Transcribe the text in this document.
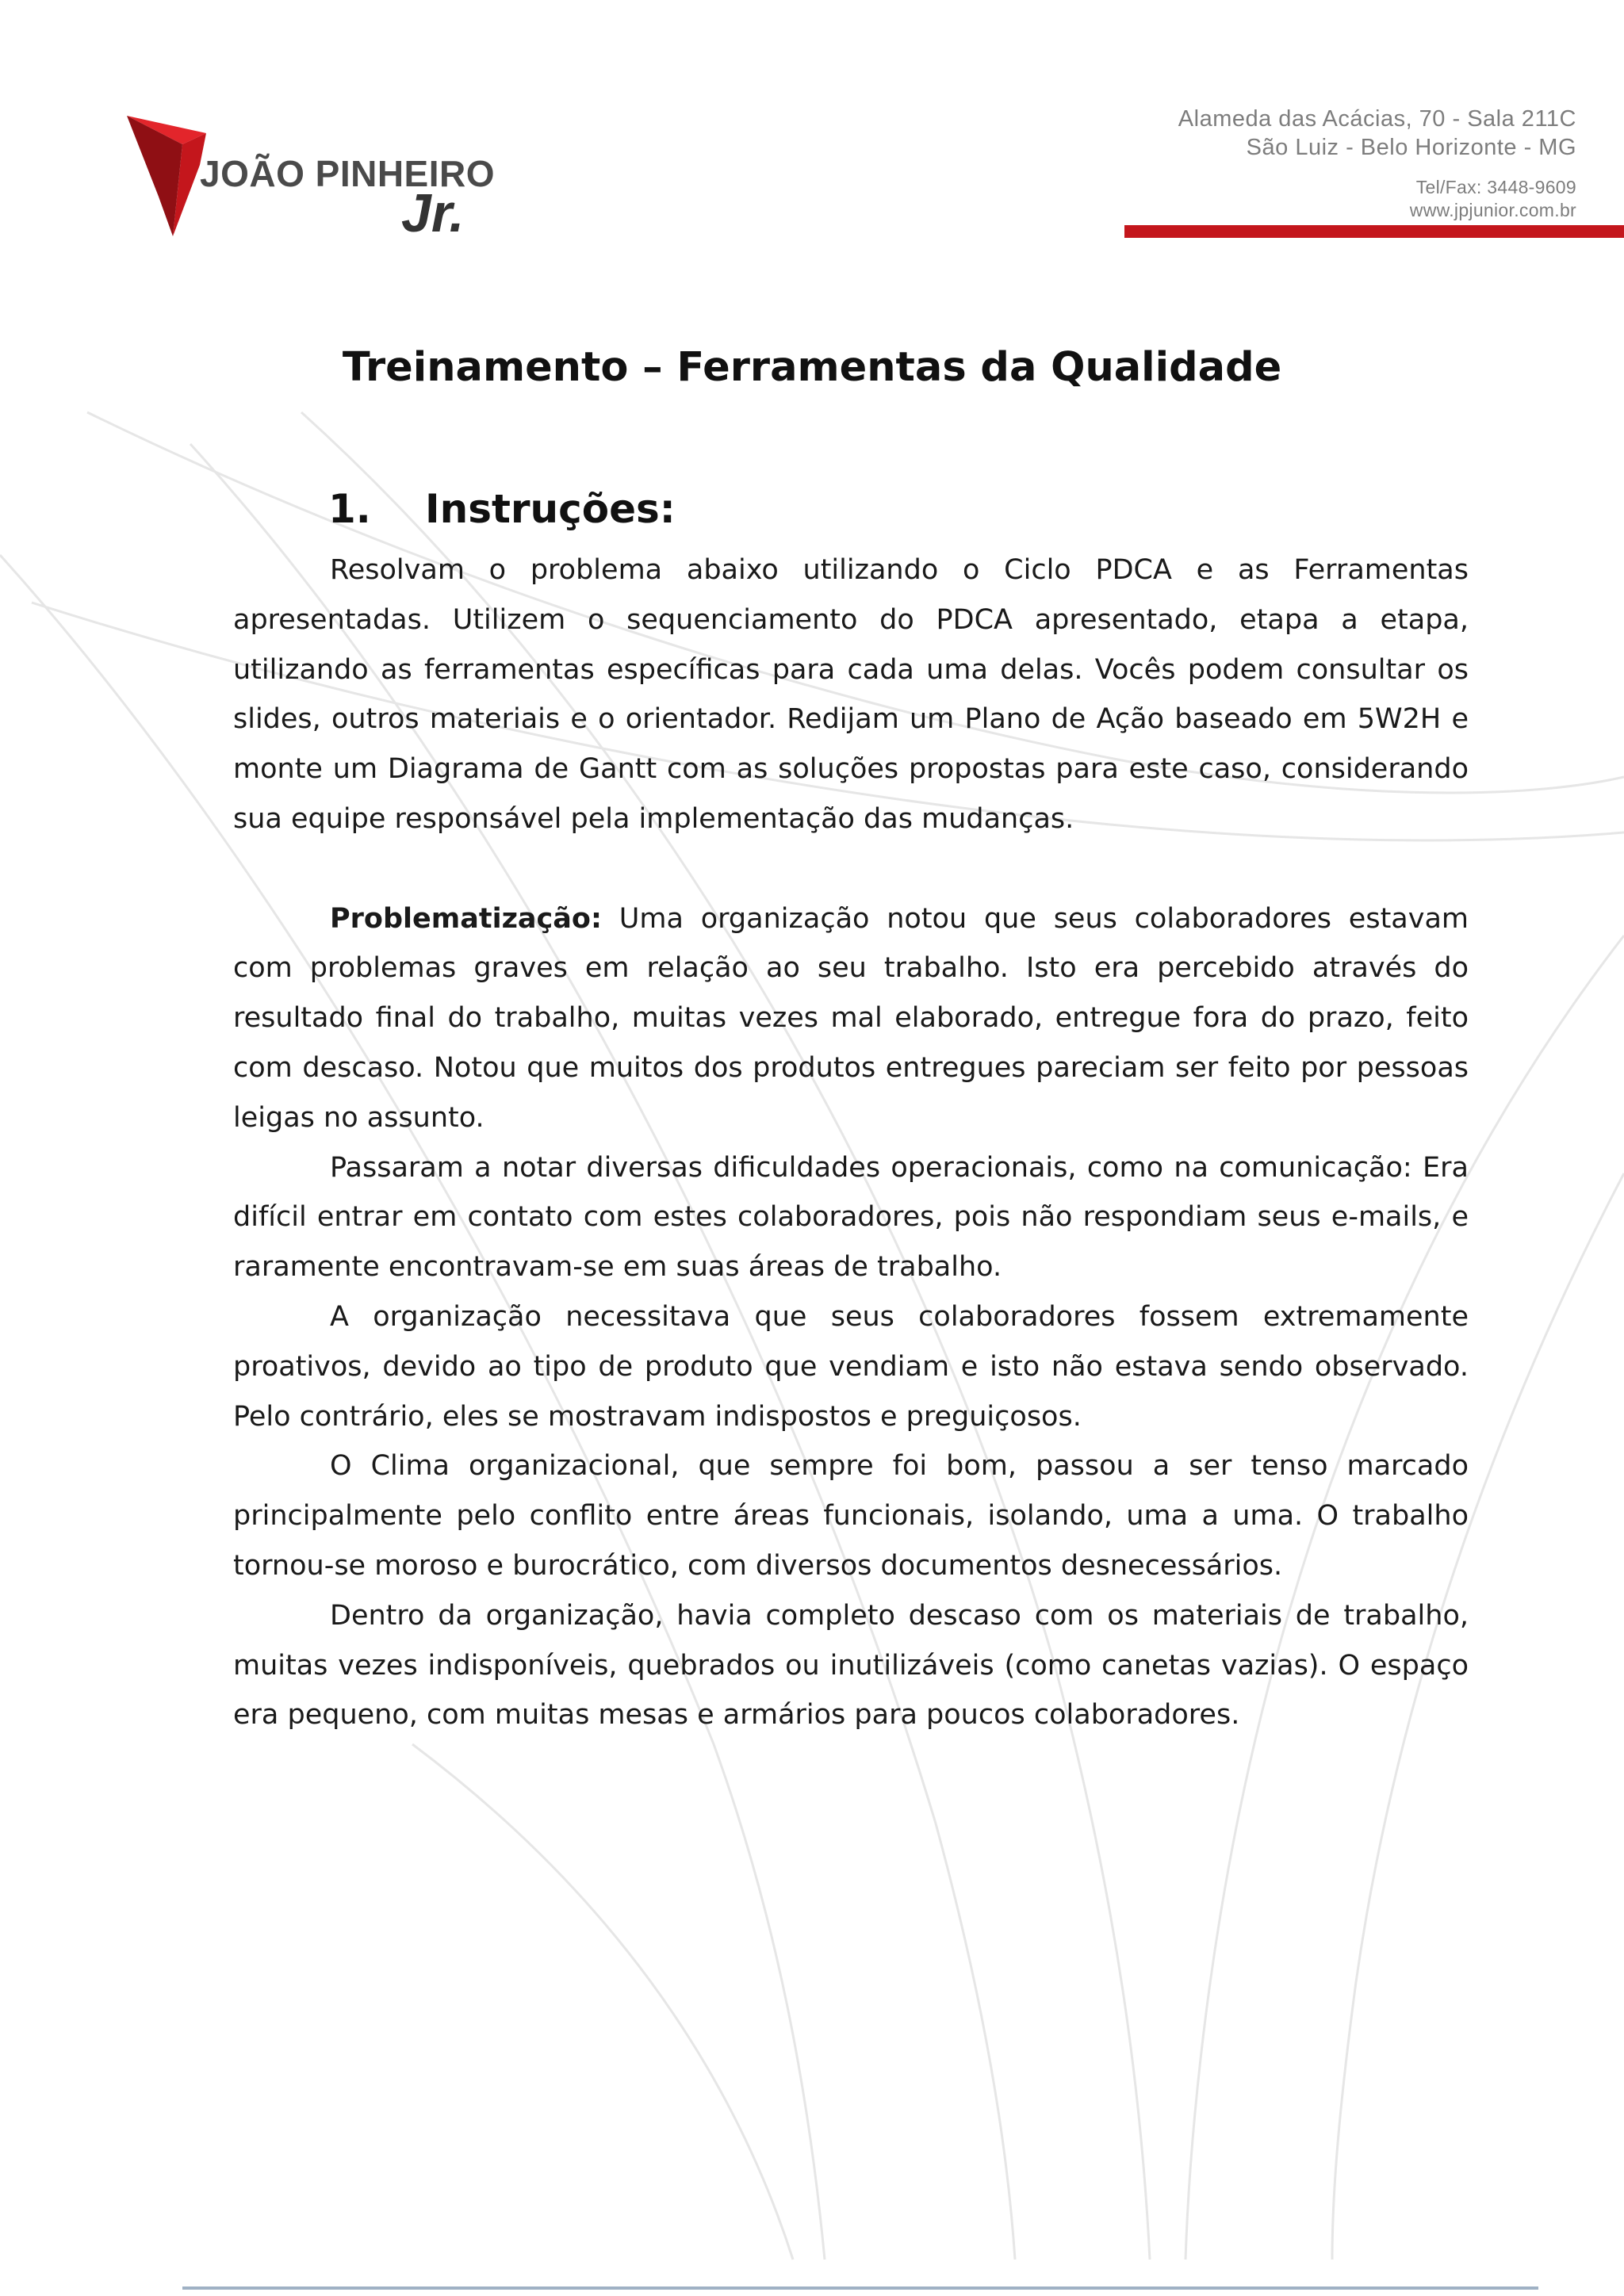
JOÃO PINHEIRO
Jr.
Alameda das Acácias, 70 - Sala 211C
São Luiz - Belo Horizonte - MG
Tel/Fax: 3448-9609
www.jpjunior.com.br
Treinamento – Ferramentas da Qualidade
1. Instruções:

Resolvam o problema abaixo utilizando o Ciclo PDCA e as Ferramentas apresentadas. Utilizem o sequenciamento do PDCA apresentado, etapa a etapa, utilizando as ferramentas específicas para cada uma delas. Vocês podem consultar os slides, outros materiais e o orientador. Redijam um Plano de Ação baseado em 5W2H e monte um Diagrama de Gantt com as soluções propostas para este caso, considerando sua equipe responsável pela implementação das mudanças.

Problematização: Uma organização notou que seus colaboradores estavam com problemas graves em relação ao seu trabalho. Isto era percebido através do resultado final do trabalho, muitas vezes mal elaborado, entregue fora do prazo, feito com descaso. Notou que muitos dos produtos entregues pareciam ser feito por pessoas leigas no assunto.

Passaram a notar diversas dificuldades operacionais, como na comunicação: Era difícil entrar em contato com estes colaboradores, pois não respondiam seus e-mails, e raramente encontravam-se em suas áreas de trabalho.

A organização necessitava que seus colaboradores fossem extremamente proativos, devido ao tipo de produto que vendiam e isto não estava sendo observado. Pelo contrário, eles se mostravam indispostos e preguiçosos.

O Clima organizacional, que sempre foi bom, passou a ser tenso marcado principalmente pelo conflito entre áreas funcionais, isolando, uma a uma. O trabalho tornou-se moroso e burocrático, com diversos documentos desnecessários.

Dentro da organização, havia completo descaso com os materiais de trabalho, muitas vezes indisponíveis, quebrados ou inutilizáveis (como canetas vazias). O espaço era pequeno, com muitas mesas e armários para poucos colaboradores.
